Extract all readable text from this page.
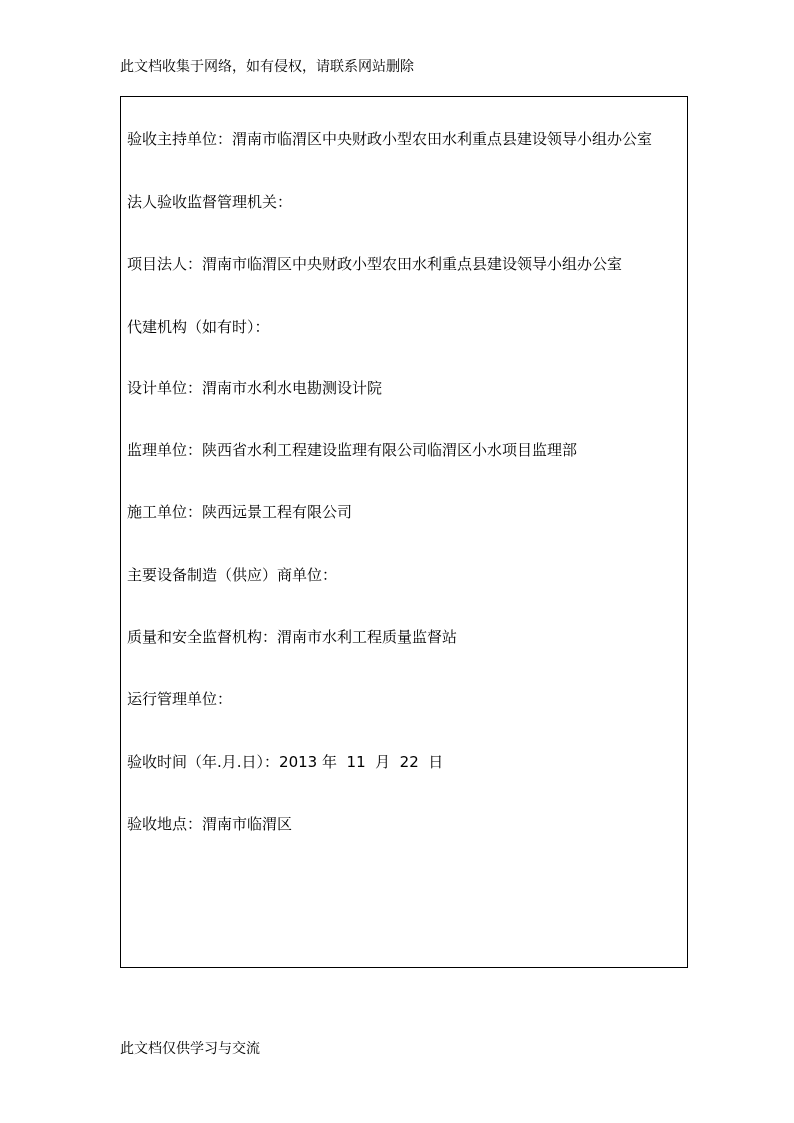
此文档收集于网络，如有侵权，请联系网站删除
验收主持单位：渭南市临渭区中央财政小型农田水利重点县建设领导小组办公室
法人验收监督管理机关：
项目法人：渭南市临渭区中央财政小型农田水利重点县建设领导小组办公室
代建机构（如有时）：
设计单位：渭南市水利水电勘测设计院
监理单位：陕西省水利工程建设监理有限公司临渭区小水项目监理部
施工单位：陕西远景工程有限公司
主要设备制造（供应）商单位：
质量和安全监督机构：渭南市水利工程质量监督站
运行管理单位：
验收时间（年.月.日）：2013 年  11  月  22  日
验收地点：渭南市临渭区
此文档仅供学习与交流
